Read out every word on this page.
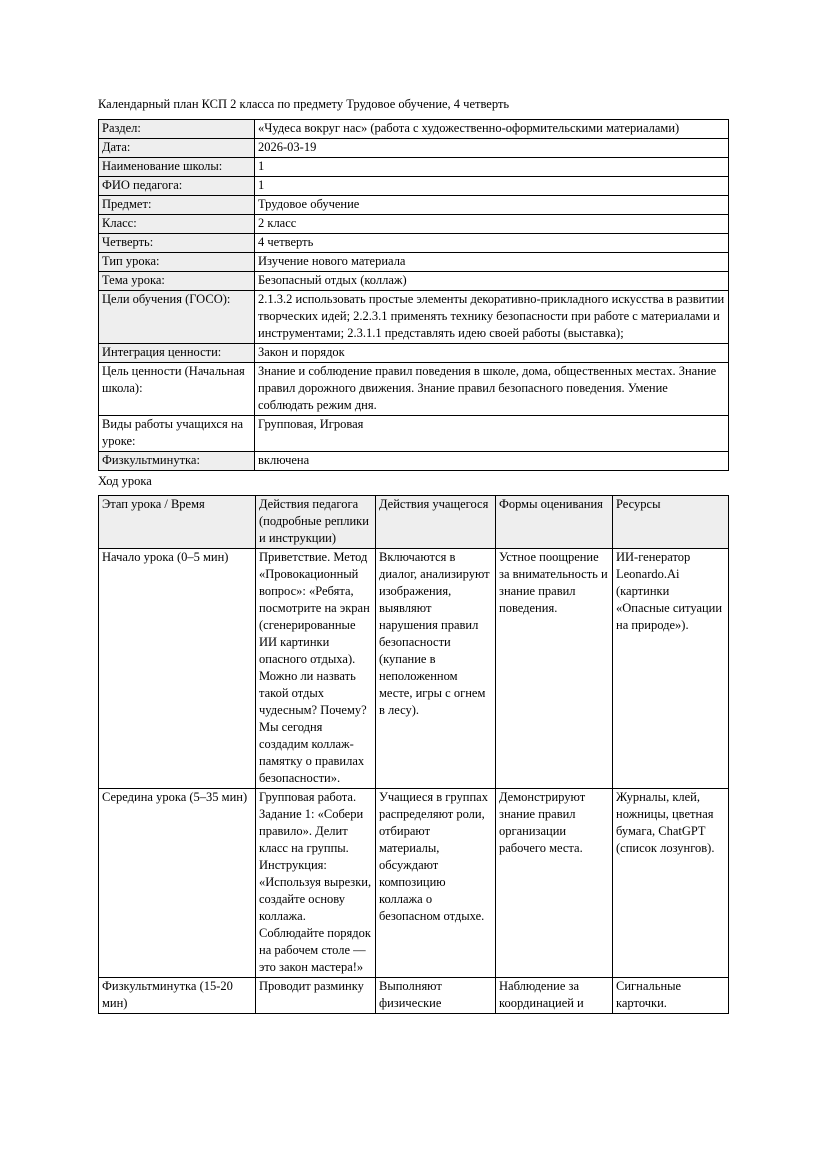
Календарный план КСП 2 класса по предмету Трудовое обучение, 4 четверть

Раздел:	«Чудеса вокруг нас» (работа с художественно-оформительскими материалами)
Дата:	2026-03-19
Наименование школы:	1
ФИО педагога:	1
Предмет:	Трудовое обучение
Класс:	2 класс
Четверть:	4 четверть
Тип урока:	Изучение нового материала
Тема урока:	Безопасный отдых (коллаж)
Цели обучения (ГОСО):	2.1.3.2 использовать простые элементы декоративно-прикладного искусства в развитии творческих идей; 2.2.3.1 применять технику безопасности при работе с материалами и инструментами; 2.3.1.1 представлять идею своей работы (выставка);
Интеграция ценности:	Закон и порядок
Цель ценности (Начальная школа):	Знание и соблюдение правил поведения в школе, дома, общественных местах. Знание правил дорожного движения. Знание правил безопасного поведения. Умение соблюдать режим дня.
Виды работы учащихся на уроке:	Групповая, Игровая
Физкультминутка:	включена

Ход урока

Этап урока / Время	Действия педагога (подробные реплики и инструкции)	Действия учащегося	Формы оценивания	Ресурсы
Начало урока (0–5 мин)	Приветствие. Метод «Провокационный вопрос»: «Ребята, посмотрите на экран (сгенерированные ИИ картинки опасного отдыха). Можно ли назвать такой отдых чудесным? Почему? Мы сегодня создадим коллаж-памятку о правилах безопасности».	Включаются в диалог, анализируют изображения, выявляют нарушения правил безопасности (купание в неположенном месте, игры с огнем в лесу).	Устное поощрение за внимательность и знание правил поведения.	ИИ-генератор Leonardo.Ai (картинки «Опасные ситуации на природе»).
Середина урока (5–35 мин)	Групповая работа. Задание 1: «Собери правило». Делит класс на группы. Инструкция: «Используя вырезки, создайте основу коллажа. Соблюдайте порядок на рабочем столе — это закон мастера!»	Учащиеся в группах распределяют роли, отбирают материалы, обсуждают композицию коллажа о безопасном отдыхе.	Демонстрируют знание правил организации рабочего места.	Журналы, клей, ножницы, цветная бумага, ChatGPT (список лозунгов).
Физкультминутка (15-20 мин)	Проводит разминку	Выполняют физические	Наблюдение за координацией и	Сигнальные карточки.
